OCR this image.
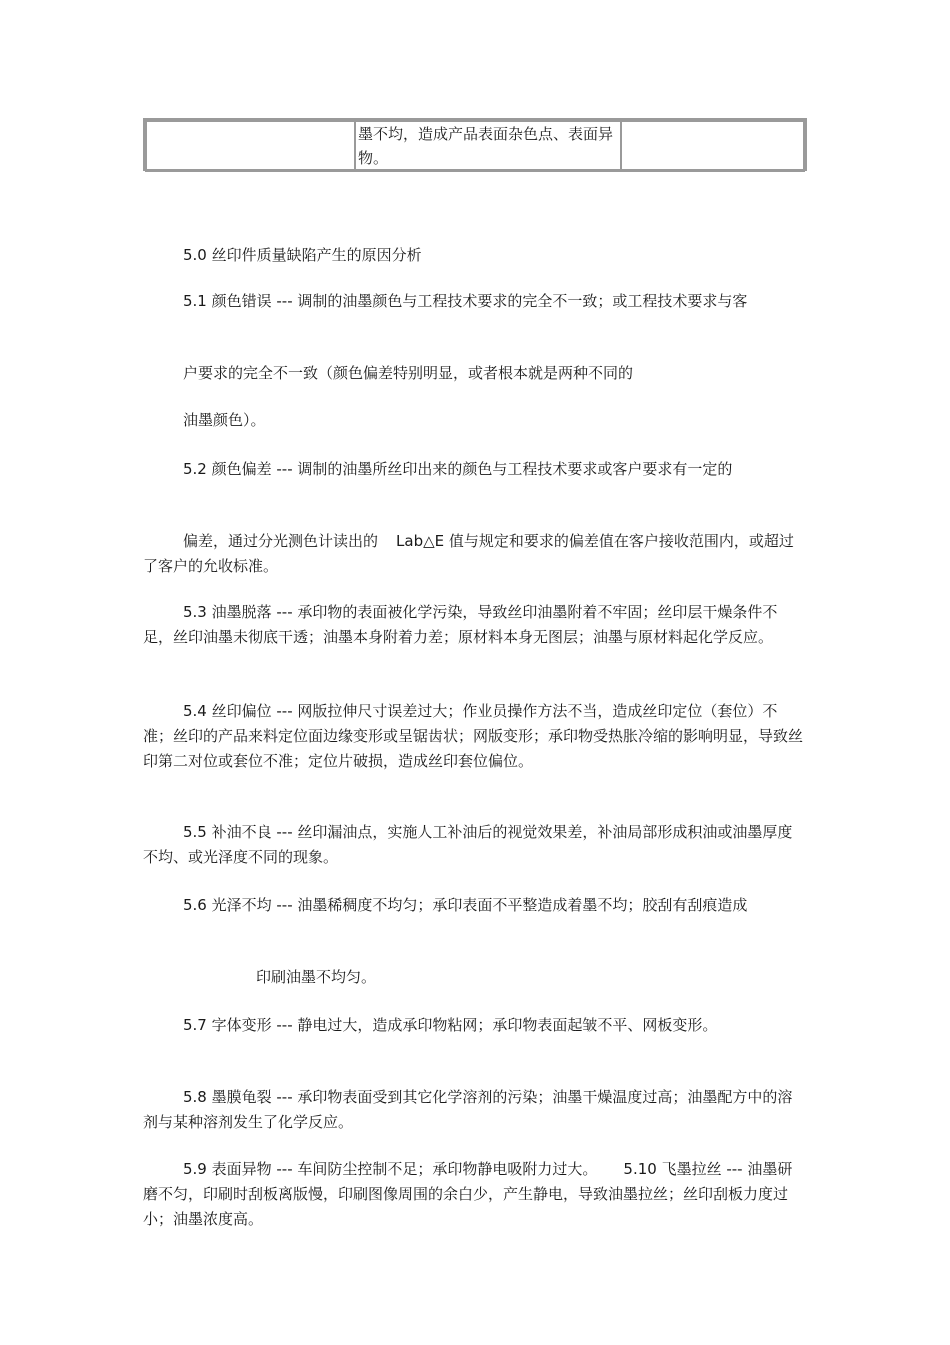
	墨不均，造成产品表面杂色点、表面异物。	

5.0 丝印件质量缺陷产生的原因分析

5.1 颜色错误 --- 调制的油墨颜色与工程技术要求的完全不一致；或工程技术要求与客

户要求的完全不一致（颜色偏差特别明显，或者根本就是两种不同的

油墨颜色）。

5.2 颜色偏差 --- 调制的油墨所丝印出来的颜色与工程技术要求或客户要求有一定的

偏差，通过分光测色计读出的 Lab△E 值与规定和要求的偏差值在客户接收范围内，或超过了客户的允收标准。

5.3 油墨脱落 --- 承印物的表面被化学污染，导致丝印油墨附着不牢固；丝印层干燥条件不足，丝印油墨未彻底干透；油墨本身附着力差；原材料本身无图层；油墨与原材料起化学反应。

5.4 丝印偏位 --- 网版拉伸尺寸误差过大；作业员操作方法不当，造成丝印定位（套位）不准；丝印的产品来料定位面边缘变形或呈锯齿状；网版变形；承印物受热胀冷缩的影响明显，导致丝印第二对位或套位不准；定位片破损，造成丝印套位偏位。

5.5 补油不良 --- 丝印漏油点，实施人工补油后的视觉效果差，补油局部形成积油或油墨厚度不均、或光泽度不同的现象。

5.6 光泽不均 --- 油墨稀稠度不均匀；承印表面不平整造成着墨不均；胶刮有刮痕造成

印刷油墨不均匀。

5.7 字体变形 --- 静电过大，造成承印物粘网；承印物表面起皱不平、网板变形。

5.8 墨膜龟裂 --- 承印物表面受到其它化学溶剂的污染；油墨干燥温度过高；油墨配方中的溶剂与某种溶剂发生了化学反应。

5.9 表面异物 --- 车间防尘控制不足；承印物静电吸附力过大。 5.10 飞墨拉丝 --- 油墨研磨不匀，印刷时刮板离版慢，印刷图像周围的余白少，产生静电，导致油墨拉丝；丝印刮板力度过小；油墨浓度高。
